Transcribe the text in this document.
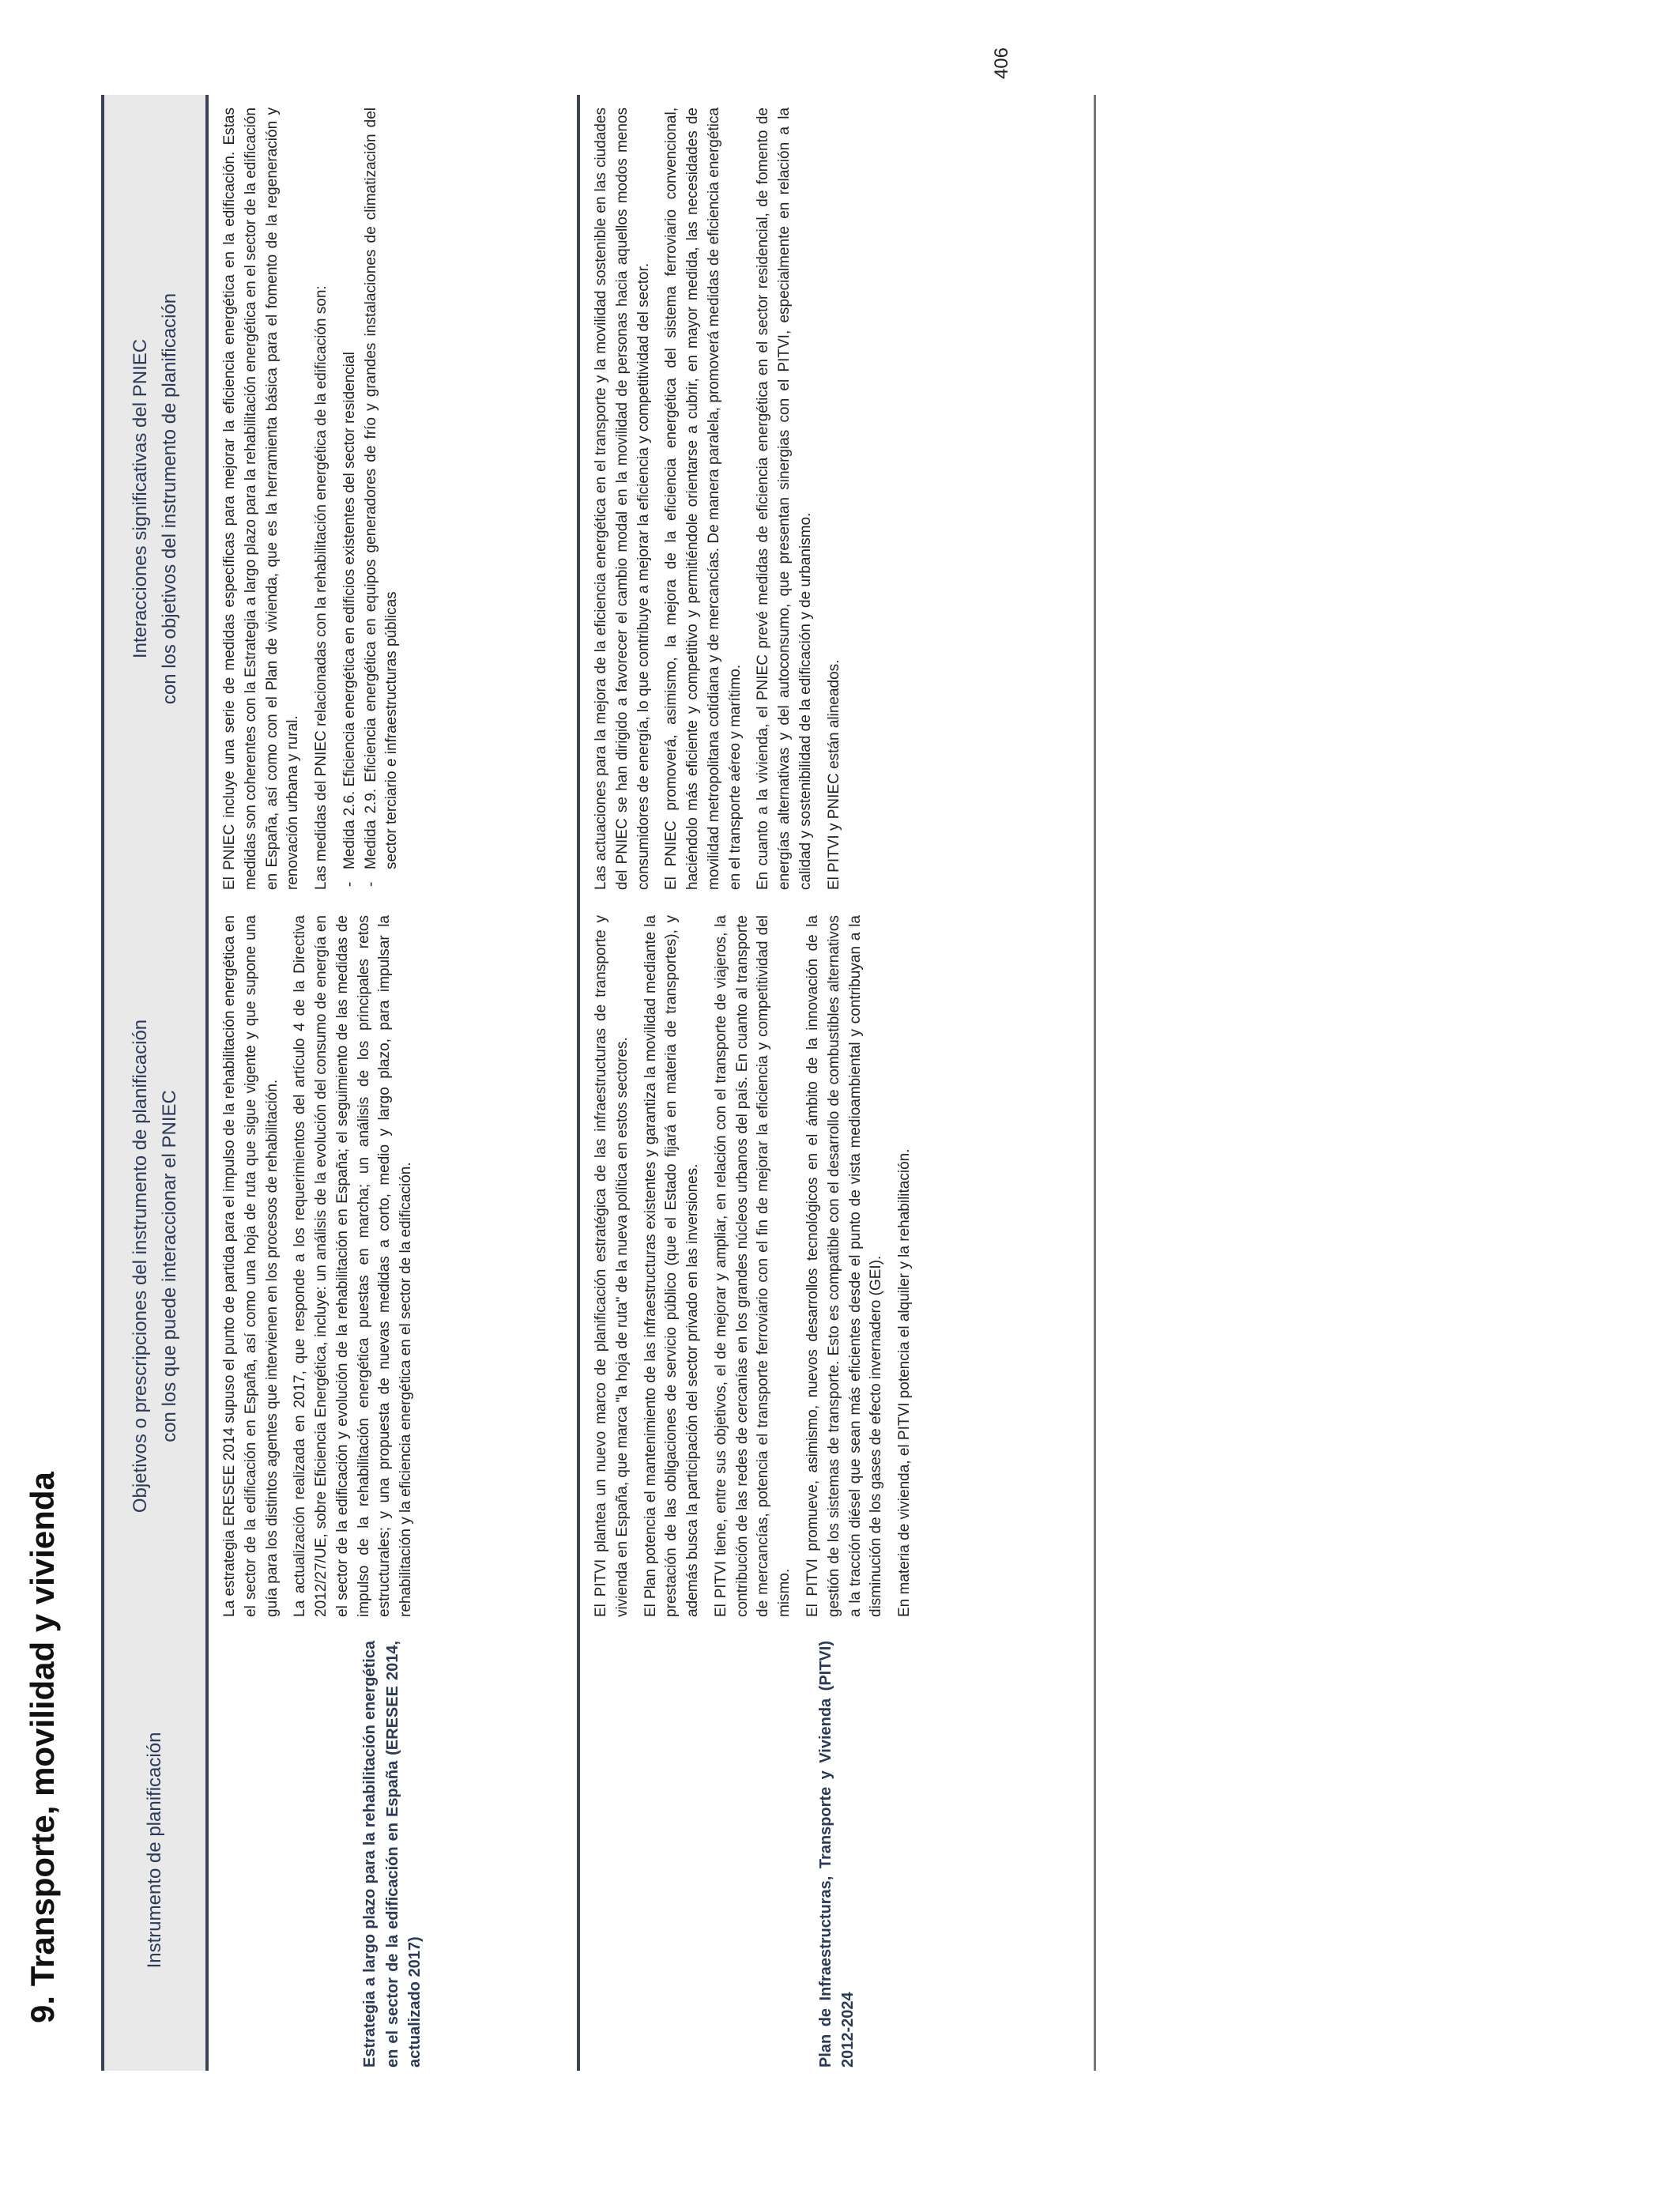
9. Transporte, movilidad y vivienda
406
Instrumento de planificación
Objetivos o prescripciones del instrumento de planificación con los que puede interaccionar el PNIEC
Interacciones significativas del PNIEC con los objetivos del instrumento de planificación
Estrategia a largo plazo para la rehabilitación energética en el sector de la edificación en España (ERESEE 2014, actualizado 2017)

La estrategia ERESEE 2014 supuso el punto de partida para el impulso de la rehabilitación energética en el sector de la edificación en España, así como una hoja de ruta que sigue vigente y que supone una guía para los distintos agentes que intervienen en los procesos de rehabilitación. La actualización realizada en 2017, que responde a los requerimientos del artículo 4 de la Directiva 2012/27/UE, sobre Eficiencia Energética, incluye: un análisis de la evolución del consumo de energía en el sector de la edificación y evolución de la rehabilitación en España; el seguimiento de las medidas de impulso de la rehabilitación energética puestas en marcha; un análisis de los principales retos estructurales; y una propuesta de nuevas medidas a corto, medio y largo plazo, para impulsar la rehabilitación y la eficiencia energética en el sector de la edificación.

El PNIEC incluye una serie de medidas específicas para mejorar la eficiencia energética en la edificación. Estas medidas son coherentes con la Estrategia a largo plazo para la rehabilitación energética en el sector de la edificación en España, así como con el Plan de vivienda, que es la herramienta básica para el fomento de la regeneración y renovación urbana y rural. Las medidas del PNIEC relacionadas con la rehabilitación energética de la edificación son: - Medida 2.6. Eficiencia energética en edificios existentes del sector residencial - Medida 2.9. Eficiencia energética en equipos generadores de frío y grandes instalaciones de climatización del sector terciario e infraestructuras públicas
Plan de Infraestructuras, Transporte y Vivienda (PITVI) 2012-2024

El PITVI plantea un nuevo marco de planificación estratégica de las infraestructuras de transporte y vivienda en España, que marca "la hoja de ruta" de la nueva política en estos sectores. El Plan potencia el mantenimiento de las infraestructuras existentes y garantiza la movilidad mediante la prestación de las obligaciones de servicio público (que el Estado fijará en materia de transportes), y además busca la participación del sector privado en las inversiones. El PITVI tiene, entre sus objetivos, el de mejorar y ampliar, en relación con el transporte de viajeros, la contribución de las redes de cercanías en los grandes núcleos urbanos del país. En cuanto al transporte de mercancías, potencia el transporte ferroviario con el fin de mejorar la eficiencia y competitividad del mismo. El PITVI promueve, asimismo, nuevos desarrollos tecnológicos en el ámbito de la innovación de la gestión de los sistemas de transporte. Esto es compatible con el desarrollo de combustibles alternativos a la tracción diésel que sean más eficientes desde el punto de vista medioambiental y contribuyan a la disminución de los gases de efecto invernadero (GEI). En materia de vivienda, el PITVI potencia el alquiler y la rehabilitación.

Las actuaciones para la mejora de la eficiencia energética en el transporte y la movilidad sostenible en las ciudades del PNIEC se han dirigido a favorecer el cambio modal en la movilidad de personas hacia aquellos modos menos consumidores de energía, lo que contribuye a mejorar la eficiencia y competitividad del sector. El PNIEC promoverá, asimismo, la mejora de la eficiencia energética del sistema ferroviario convencional, haciéndolo más eficiente y competitivo y permitiéndole orientarse a cubrir, en mayor medida, las necesidades de movilidad metropolitana cotidiana y de mercancías. De manera paralela, promoverá medidas de eficiencia energética en el transporte aéreo y marítimo. En cuanto a la vivienda, el PNIEC prevé medidas de eficiencia energética en el sector residencial, de fomento de energías alternativas y del autoconsumo, que presentan sinergias con el PITVI, especialmente en relación a la calidad y sostenibilidad de la edificación y de urbanismo. El PITVI y PNIEC están alineados.
